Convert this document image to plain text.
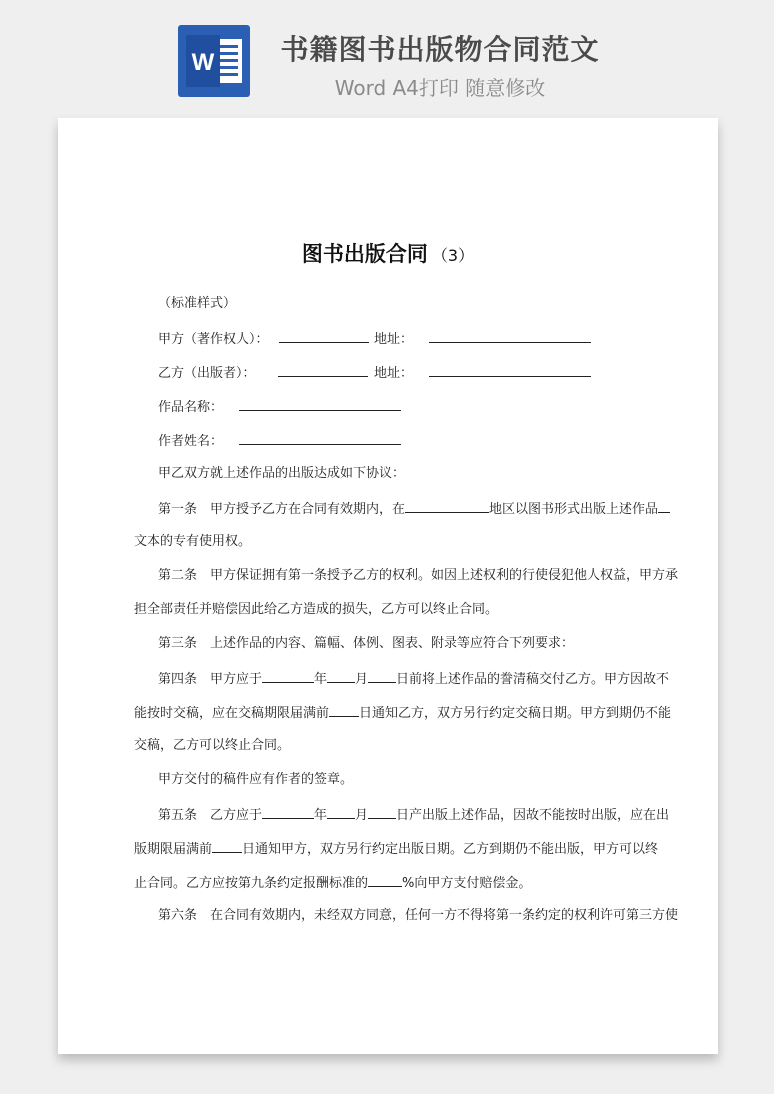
W	书籍图书出版物合同范文
Word A4打印 随意修改
图书出版合同 （3）
（标准样式）
甲方（著作权人）：	地址：
乙方（出版者）：	地址：
作品名称：
作者姓名：
甲乙双方就上述作品的出版达成如下协议：
第一条　甲方授予乙方在合同有效期内，在	地区以图书形式出版上述作品
文本的专有使用权。
第二条　甲方保证拥有第一条授予乙方的权利。如因上述权利的行使侵犯他人权益，甲方承
担全部责任并赔偿因此给乙方造成的损失，乙方可以终止合同。
第三条　上述作品的内容、篇幅、体例、图表、附录等应符合下列要求：
第四条　甲方应于	年 月 日前将上述作品的誊清稿交付乙方。甲方因故不
能按时交稿，应在交稿期限届满前 日通知乙方，双方另行约定交稿日期。甲方到期仍不能
交稿，乙方可以终止合同。
甲方交付的稿件应有作者的签章。
第五条　乙方应于	年 月 日产出版上述作品，因故不能按时出版，应在出
版期限届满前 日通知甲方，双方另行约定出版日期。乙方到期仍不能出版，甲方可以终
止合同。乙方应按第九条约定报酬标准的	%向甲方支付赔偿金。
第六条　在合同有效期内，未经双方同意，任何一方不得将第一条约定的权利许可第三方使
